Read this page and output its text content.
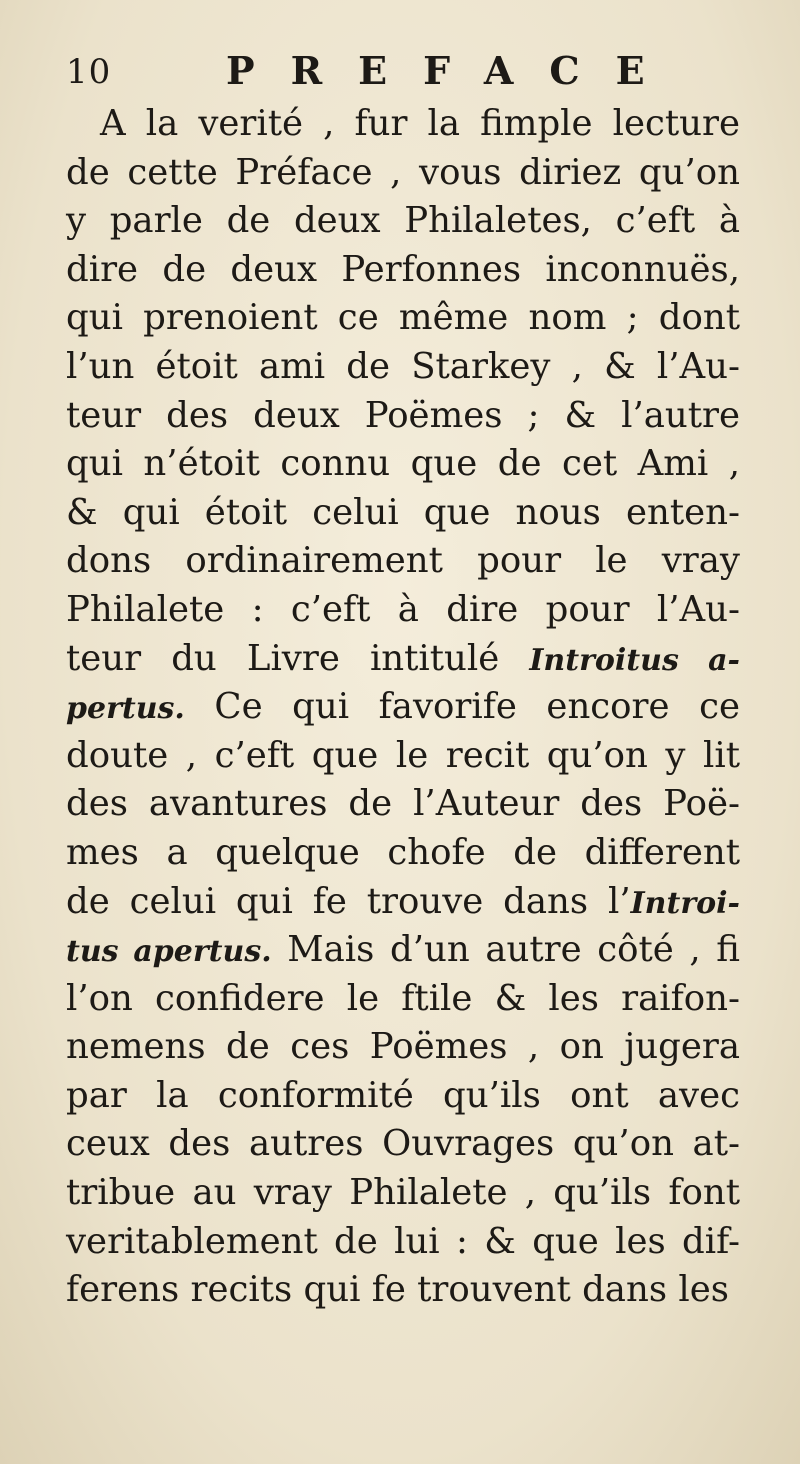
10	PREFACE
A la verité , fur la fimple lecture
de cette Préface , vous diriez qu’on
y parle de deux Philaletes, c’eft à
dire de deux Perfonnes inconnuës,
qui prenoient ce même nom ; dont
l’un étoit ami de Starkey , & l’Au-
teur des deux Poëmes ; & l’autre
qui n’étoit connu que de cet Ami ,
& qui étoit celui que nous enten-
dons ordinairement pour le vray
Philalete : c’eft à dire pour l’Au-
teur du Livre intitulé Introitus a-
pertus. Ce qui favorife encore ce
doute , c’eft que le recit qu’on y lit
des avantures de l’Auteur des Poë-
mes a quelque chofe de different
de celui qui fe trouve dans l’Introi-
tus apertus. Mais d’un autre côté , fi
l’on confidere le ftile & les raifon-
nemens de ces Poëmes , on jugera
par la conformité qu’ils ont avec
ceux des autres Ouvrages qu’on at-
tribue au vray Philalete , qu’ils font
veritablement de lui : & que les dif-
ferens recits qui fe trouvent dans les
